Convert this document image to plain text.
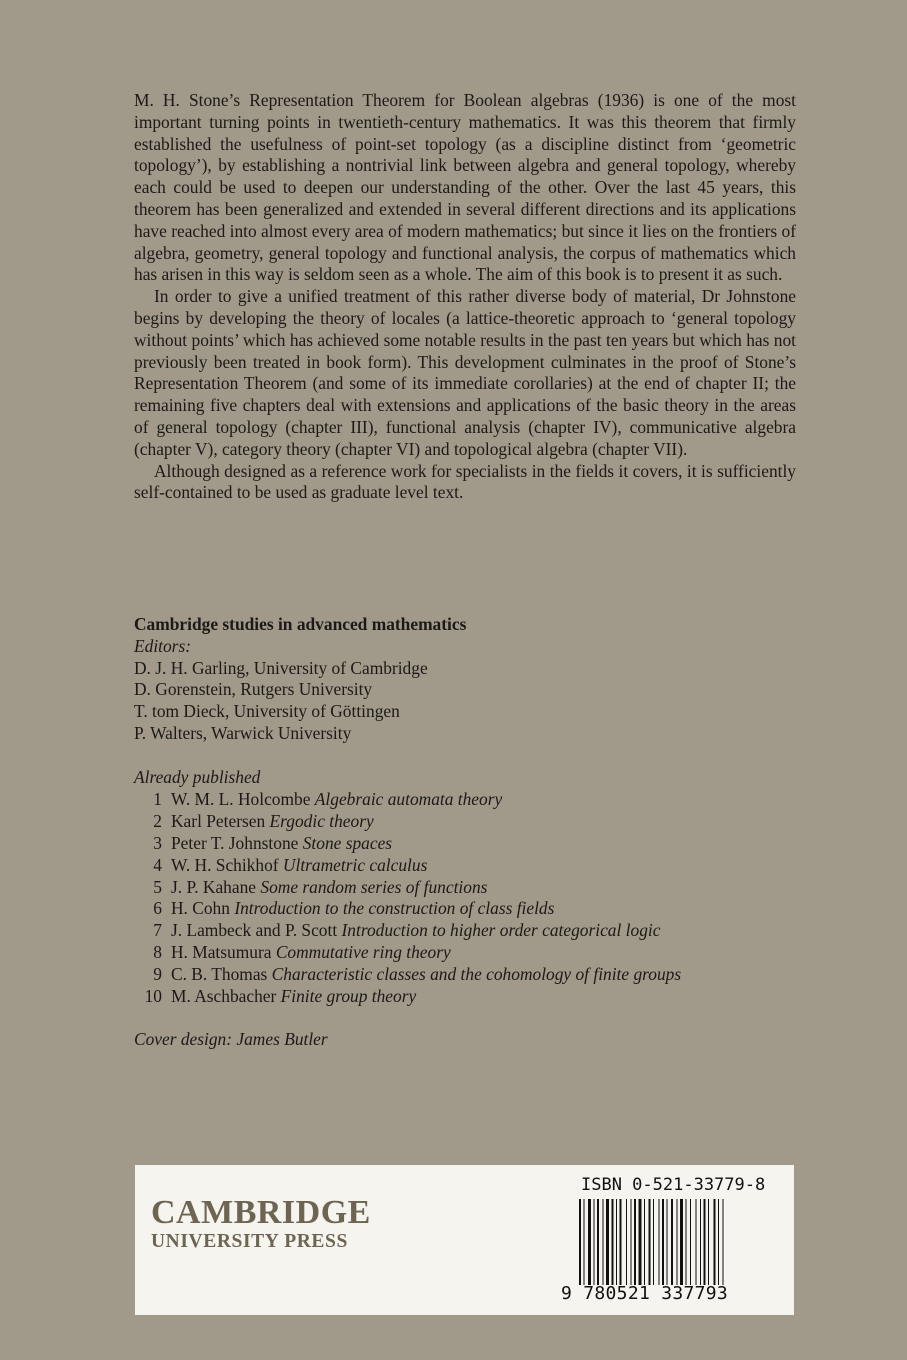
M. H. Stone’s Representation Theorem for Boolean algebras (1936) is one of the most important turning points in twentieth-century mathematics. It was this theorem that firmly established the usefulness of point-set topology (as a discipline distinct from ‘geometric topology’), by establishing a nontrivial link between algebra and general topology, whereby each could be used to deepen our understanding of the other. Over the last 45 years, this theorem has been generalized and extended in several different directions and its applications have reached into almost every area of modern mathematics; but since it lies on the frontiers of algebra, geometry, general topology and functional analysis, the corpus of mathematics which has arisen in this way is seldom seen as a whole. The aim of this book is to present it as such.

In order to give a unified treatment of this rather diverse body of material, Dr Johnstone begins by developing the theory of locales (a lattice-theoretic approach to ‘general topology without points’ which has achieved some notable results in the past ten years but which has not previously been treated in book form). This development culminates in the proof of Stone’s Representation Theorem (and some of its immediate corollaries) at the end of chapter II; the remaining five chapters deal with extensions and applications of the basic theory in the areas of general topology (chapter III), functional analysis (chapter IV), communicative algebra (chapter V), category theory (chapter VI) and topological algebra (chapter VII).

Although designed as a reference work for specialists in the fields it covers, it is sufficiently self-contained to be used as graduate level text.

Cambridge studies in advanced mathematics
Editors:
D. J. H. Garling, University of Cambridge
D. Gorenstein, Rutgers University
T. tom Dieck, University of Göttingen
P. Walters, Warwick University
Already published
1 W. M. L. Holcombe Algebraic automata theory
2 Karl Petersen Ergodic theory
3 Peter T. Johnstone Stone spaces
4 W. H. Schikhof Ultrametric calculus
5 J. P. Kahane Some random series of functions
6 H. Cohn Introduction to the construction of class fields
7 J. Lambeck and P. Scott Introduction to higher order categorical logic
8 H. Matsumura Commutative ring theory
9 C. B. Thomas Characteristic classes and the cohomology of finite groups
10 M. Aschbacher Finite group theory
Cover design: James Butler
CAMBRIDGE
UNIVERSITY PRESS
ISBN 0-521-33779-8
9 780521 337793
